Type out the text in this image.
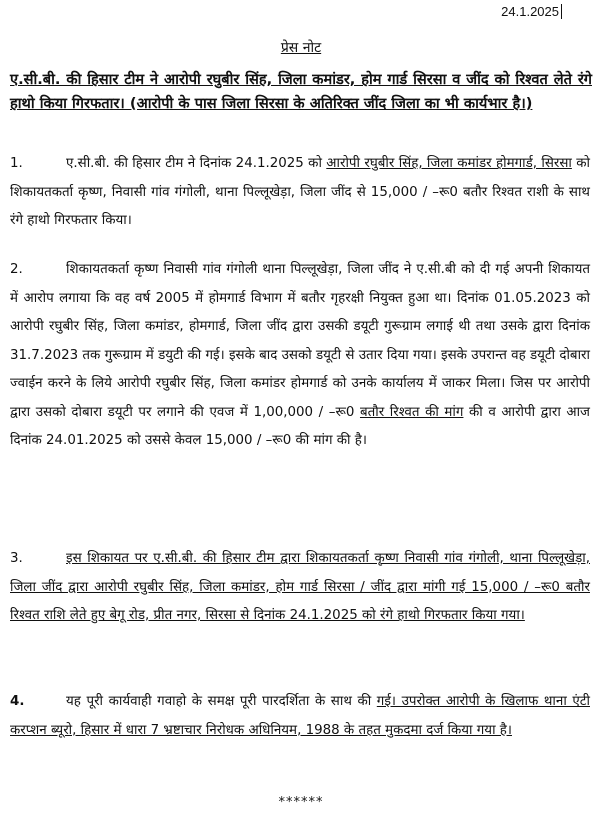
24.1.2025
प्रेस नोट
ए.सी.बी. की हिसार टीम ने आरोपी रघुबीर सिंह, जिला कमांडर, होम गार्ड सिरसा व जींद को रिश्वत लेते रंगे हाथो किया गिरफतार। (आरोपी के पास जिला सिरसा के अतिरिक्त जींद जिला का भी कार्यभार है।)
1.	ए.सी.बी. की हिसार टीम ने दिनांक 24.1.2025 को आरोपी रघुबीर सिंह, जिला कमांडर होमगार्ड, सिरसा को शिकायतकर्ता कृष्ण, निवासी गांव गंगोली, थाना पिल्लूखेड़ा, जिला जींद से 15,000 / –रू0 बतौर रिश्वत राशी के साथ रंगे हाथो गिरफतार किया।
2.	शिकायतकर्ता कृष्ण निवासी गांव गंगोली थाना पिल्लूखेड़ा, जिला जींद ने ए.सी.बी को दी गई अपनी शिकायत में आरोप लगाया कि वह वर्ष 2005 में होमगार्ड विभाग में बतौर गृहरक्षी नियुक्त हुआ था। दिनांक 01.05.2023 को आरोपी रघुबीर सिंह, जिला कमांडर, होमगार्ड, जिला जींद द्वारा उसकी डयूटी गुरूग्राम लगाई थी तथा उसके द्वारा दिनांक 31.7.2023 तक गुरूग्राम में डयुटी की गई। इसके बाद उसको डयूटी से उतार दिया गया। इसके उपरान्त वह डयूटी दोबारा ज्वाईन करने के लिये आरोपी रघुबीर सिंह, जिला कमांडर होमगार्ड को उनके कार्यालय में जाकर मिला। जिस पर आरोपी द्वारा उसको दोबारा डयूटी पर लगाने की एवज में 1,00,000 / –रू0 बतौर रिश्वत की मांग की व आरोपी द्वारा आज दिनांक 24.01.2025 को उससे केवल 15,000 / –रू0 की मांग की है।
3.	इस शिकायत पर ए.सी.बी. की हिसार टीम द्वारा शिकायतकर्ता कृष्ण निवासी गांव गंगोली, थाना पिल्लूखेड़ा, जिला जींद द्वारा आरोपी रघुबीर सिंह, जिला कमांडर, होम गार्ड सिरसा / जींद द्वारा मांगी गई 15,000 / –रू0 बतौर रिश्वत राशि लेते हुए बेगू रोड, प्रीत नगर, सिरसा से दिनांक 24.1.2025 को रंगे हाथो गिरफतार किया गया।
4.	यह पूरी कार्यवाही गवाहो के समक्ष पूरी पारदर्शिता के साथ की गई। उपरोक्त आरोपी के खिलाफ थाना एंटी करप्शन ब्यूरो, हिसार में धारा 7 भ्रष्टाचार निरोधक अधिनियम, 1988 के तहत मुकदमा दर्ज किया गया है।
******
